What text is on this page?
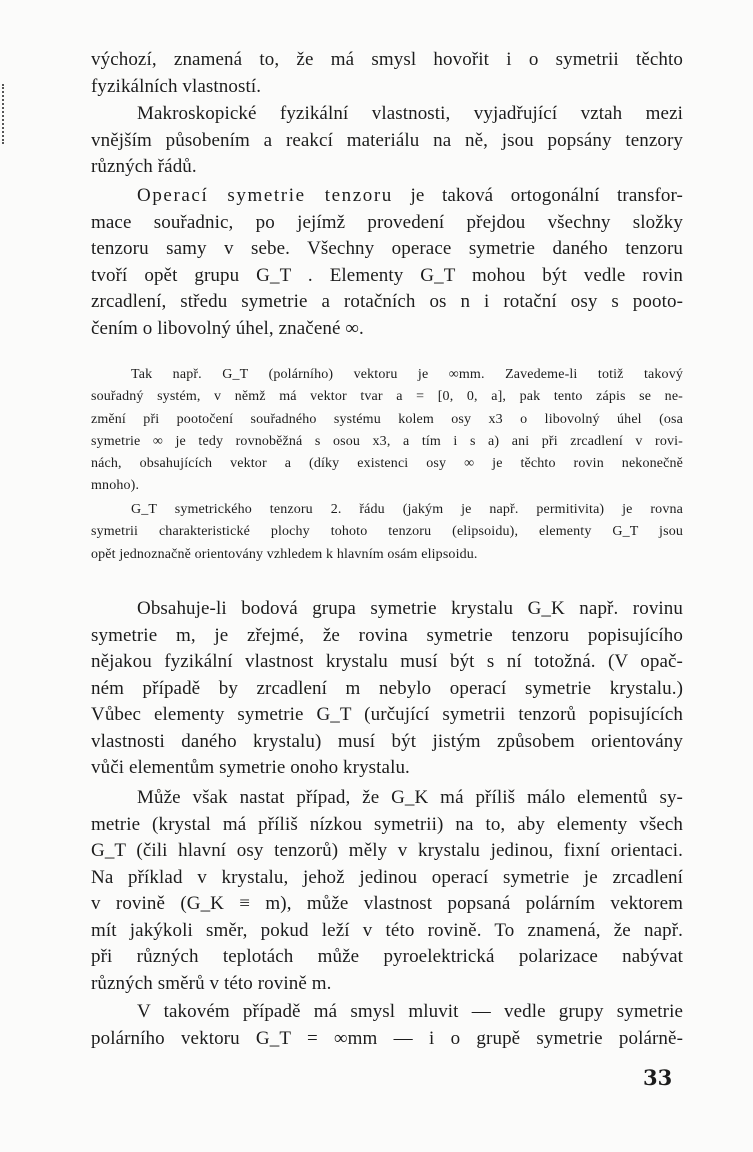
výchozí, znamená to, že má smysl hovořit i o symetrii těchto
fyzikálních vlastností.
Makroskopické fyzikální vlastnosti, vyjadřující vztah mezi
vnějším působením a reakcí materiálu na ně, jsou popsány tenzory
různých řádů.
Operací symetrie tenzoru je taková ortogonální transfor-
mace souřadnic, po jejímž provedení přejdou všechny složky
tenzoru samy v sebe. Všechny operace symetrie daného tenzoru
tvoří opět grupu G_T . Elementy G_T mohou být vedle rovin
zrcadlení, středu symetrie a rotačních os n i rotační osy s pooto-
čením o libovolný úhel, značené ∞.
Tak např. G_T (polárního) vektoru je ∞mm. Zavedeme-li totiž takový
souřadný systém, v němž má vektor tvar a = [0, 0, a], pak tento zápis se ne-
změní při pootočení souřadného systému kolem osy x3 o libovolný úhel (osa
symetrie ∞ je tedy rovnoběžná s osou x3, a tím i s a) ani při zrcadlení v rovi-
nách, obsahujících vektor a (díky existenci osy ∞ je těchto rovin nekonečně
mnoho).
G_T symetrického tenzoru 2. řádu (jakým je např. permitivita) je rovna
symetrii charakteristické plochy tohoto tenzoru (elipsoidu), elementy G_T jsou
opět jednoznačně orientovány vzhledem k hlavním osám elipsoidu.
Obsahuje-li bodová grupa symetrie krystalu G_K např. rovinu
symetrie m, je zřejmé, že rovina symetrie tenzoru popisujícího
nějakou fyzikální vlastnost krystalu musí být s ní totožná. (V opač-
ném případě by zrcadlení m nebylo operací symetrie krystalu.)
Vůbec elementy symetrie G_T (určující symetrii tenzorů popisujících
vlastnosti daného krystalu) musí být jistým způsobem orientovány
vůči elementům symetrie onoho krystalu.
Může však nastat případ, že G_K má příliš málo elementů sy-
metrie (krystal má příliš nízkou symetrii) na to, aby elementy všech
G_T (čili hlavní osy tenzorů) měly v krystalu jedinou, fixní orientaci.
Na příklad v krystalu, jehož jedinou operací symetrie je zrcadlení
v rovině (G_K ≡ m), může vlastnost popsaná polárním vektorem
mít jakýkoli směr, pokud leží v této rovině. To znamená, že např.
při různých teplotách může pyroelektrická polarizace nabývat
různých směrů v této rovině m.
V takovém případě má smysl mluvit — vedle grupy symetrie
polárního vektoru G_T = ∞mm — i o grupě symetrie polárně-
33
